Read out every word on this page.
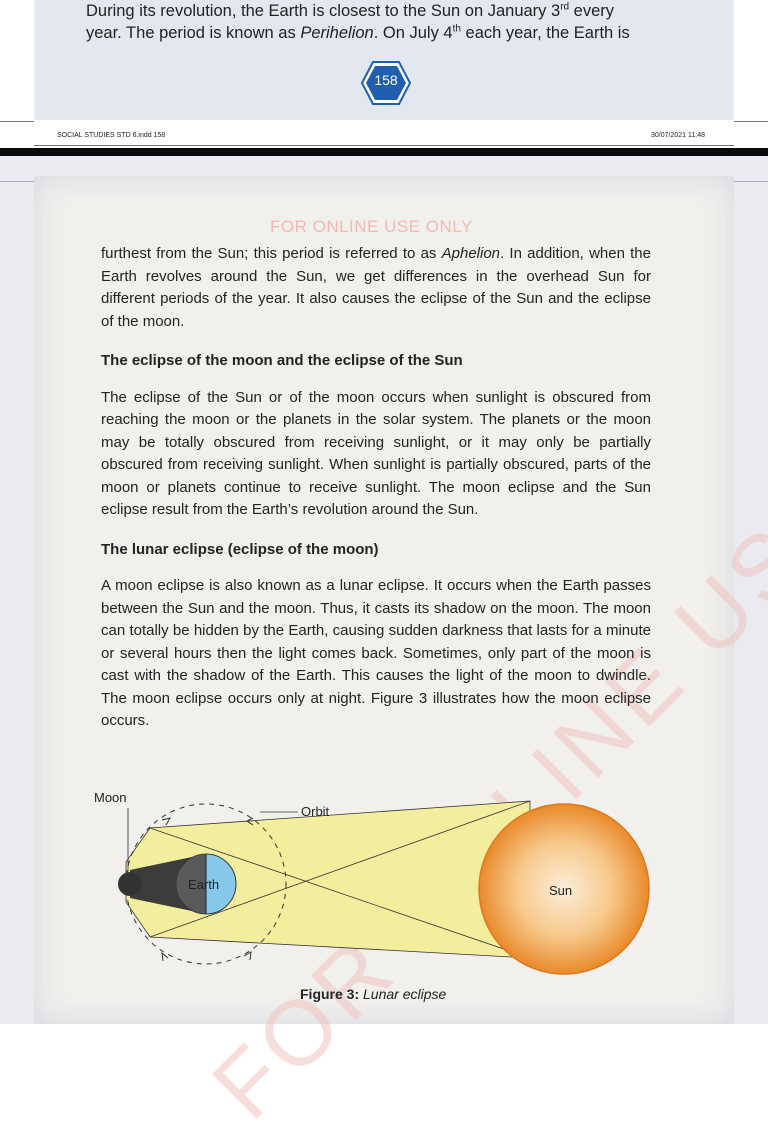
During its revolution, the Earth is closest to the Sun on January 3rd every

year. The period is known as Perihelion. On July 4th each year, the Earth is

158
SOCIAL STUDIES STD 6.indd 158	30/07/2021 11:48
FOR ONLINE USE ONLY
FOR ONLINE USE

furthest from the Sun; this period is referred to as Aphelion. In addition, when the Earth revolves around the Sun, we get differences in the overhead Sun for different periods of the year. It also causes the eclipse of the Sun and the eclipse of the moon.

The eclipse of the moon and the eclipse of the Sun

The eclipse of the Sun or of the moon occurs when sunlight is obscured from reaching the moon or the planets in the solar system. The planets or the moon may be totally obscured from receiving sunlight, or it may only be partially obscured from receiving sunlight. When sunlight is partially obscured, parts of the moon or planets continue to receive sunlight. The moon eclipse and the Sun eclipse result from the Earth’s revolution around the Sun.

The lunar eclipse (eclipse of the moon)

A moon eclipse is also known as a lunar eclipse. It occurs when the Earth passes between the Sun and the moon. Thus, it casts its shadow on the moon. The moon can totally be hidden by the Earth, causing sudden darkness that lasts for a minute or several hours then the light comes back. Sometimes, only part of the moon is cast with the shadow of the Earth. This causes the light of the moon to dwindle. The moon eclipse occurs only at night. Figure 3 illustrates how the moon eclipse occurs.

Moon
Orbit
Earth	Sun
Figure 3: Lunar eclipse
